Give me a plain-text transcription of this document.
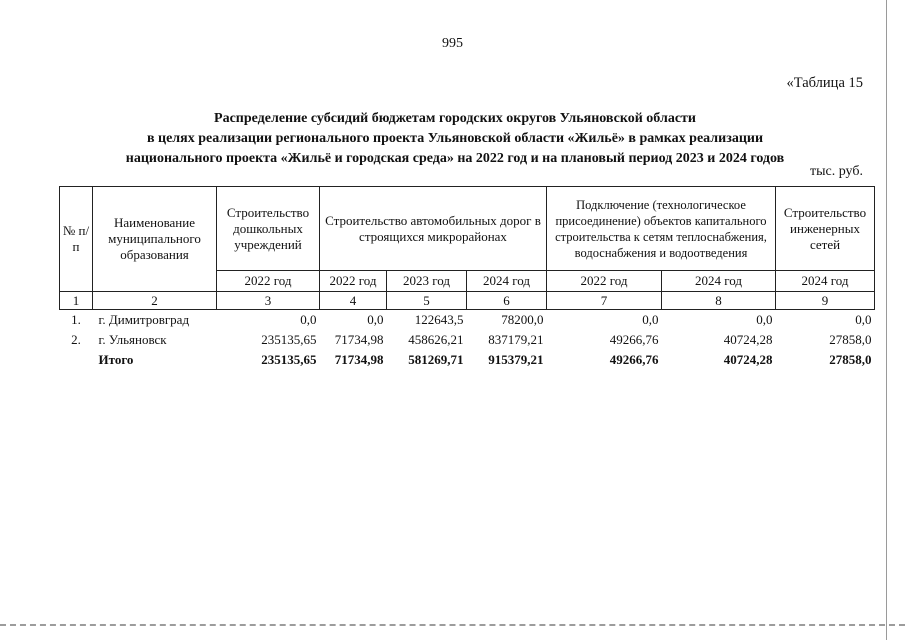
995
«Таблица 15
Распределение субсидий бюджетам городских округов Ульяновской области
в целях реализации регионального проекта Ульяновской области «Жильё» в рамках реализации
национального проекта «Жильё и городская среда» на 2022 год и на плановый период 2023 и 2024 годов
тыс. руб.
№ п/п	Наименование муниципального образования	Строительство дошкольных учреждений	Строительство автомобильных дорог в строящихся микрорайонах			Подключение (технологическое присоединение) объектов капитального строительства к сетям теплоснабжения, водоснабжения и водоотведения		Строительство инженерных сетей
		2022 год	2022 год	2023 год	2024 год	2022 год	2024 год	2024 год
1	2	3	4	5	6	7	8	9
1.	г. Димитровград	0,0	0,0	122643,5	78200,0	0,0	0,0	0,0
2.	г. Ульяновск	235135,65	71734,98	458626,21	837179,21	49266,76	40724,28	27858,0
	Итого	235135,65	71734,98	581269,71	915379,21	49266,76	40724,28	27858,0
